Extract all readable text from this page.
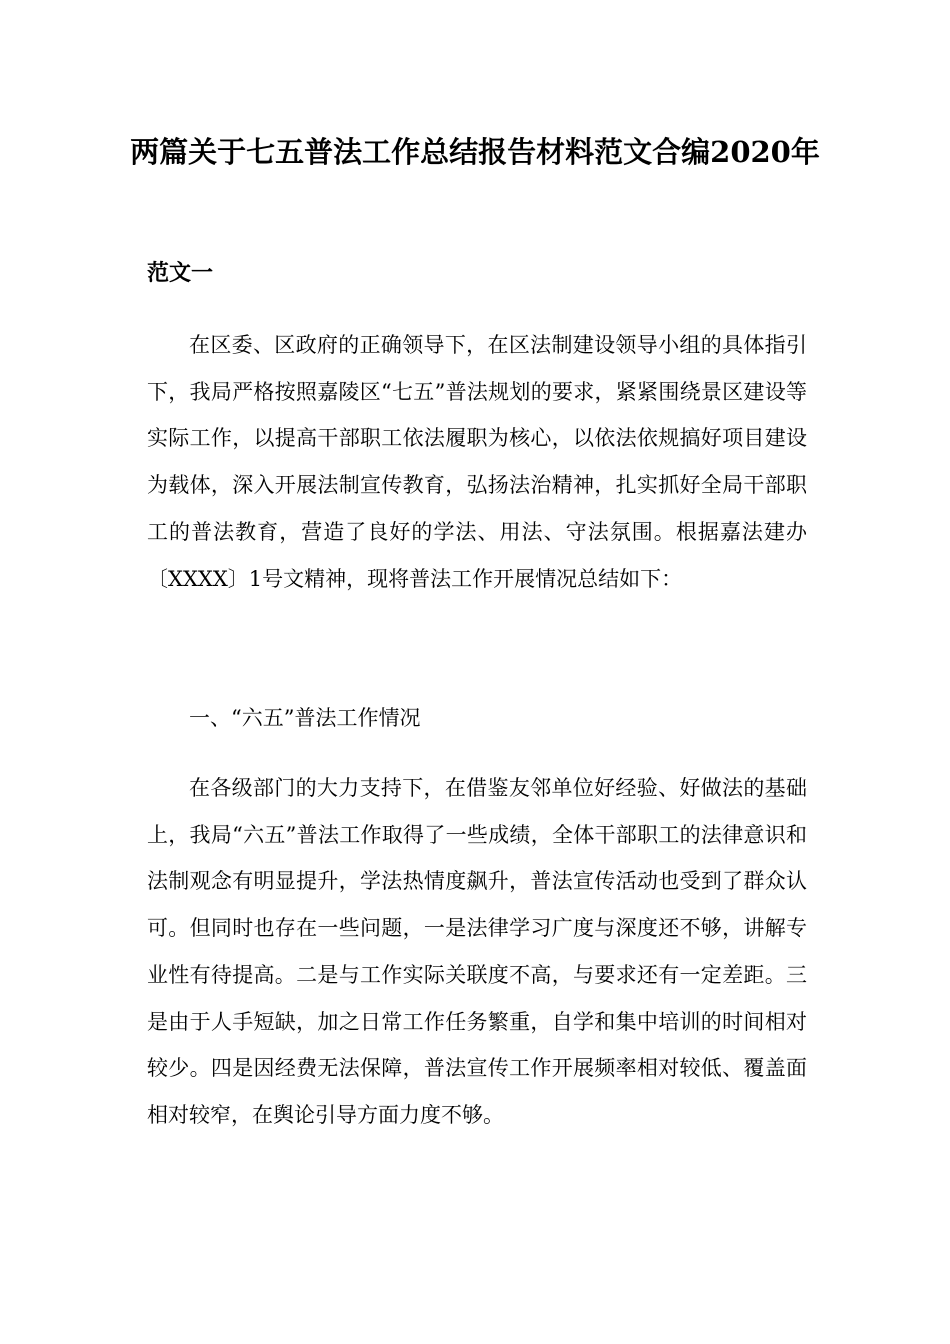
两篇关于七五普法工作总结报告材料范文合编2020年
范文一

在区委、区政府的正确领导下，在区法制建设领导小组的具体指引下，我局严格按照嘉陵区“七五”普法规划的要求，紧紧围绕景区建设等实际工作，以提高干部职工依法履职为核心，以依法依规搞好项目建设为载体，深入开展法制宣传教育，弘扬法治精神，扎实抓好全局干部职工的普法教育，营造了良好的学法、用法、守法氛围。根据嘉法建办〔XXXX〕1号文精神，现将普法工作开展情况总结如下：

一、“六五”普法工作情况

在各级部门的大力支持下，在借鉴友邻单位好经验、好做法的基础上，我局“六五”普法工作取得了一些成绩，全体干部职工的法律意识和法制观念有明显提升，学法热情度飙升，普法宣传活动也受到了群众认可。但同时也存在一些问题，一是法律学习广度与深度还不够，讲解专业性有待提高。二是与工作实际关联度不高，与要求还有一定差距。三是由于人手短缺，加之日常工作任务繁重，自学和集中培训的时间相对较少。四是因经费无法保障，普法宣传工作开展频率相对较低、覆盖面相对较窄，在舆论引导方面力度不够。
